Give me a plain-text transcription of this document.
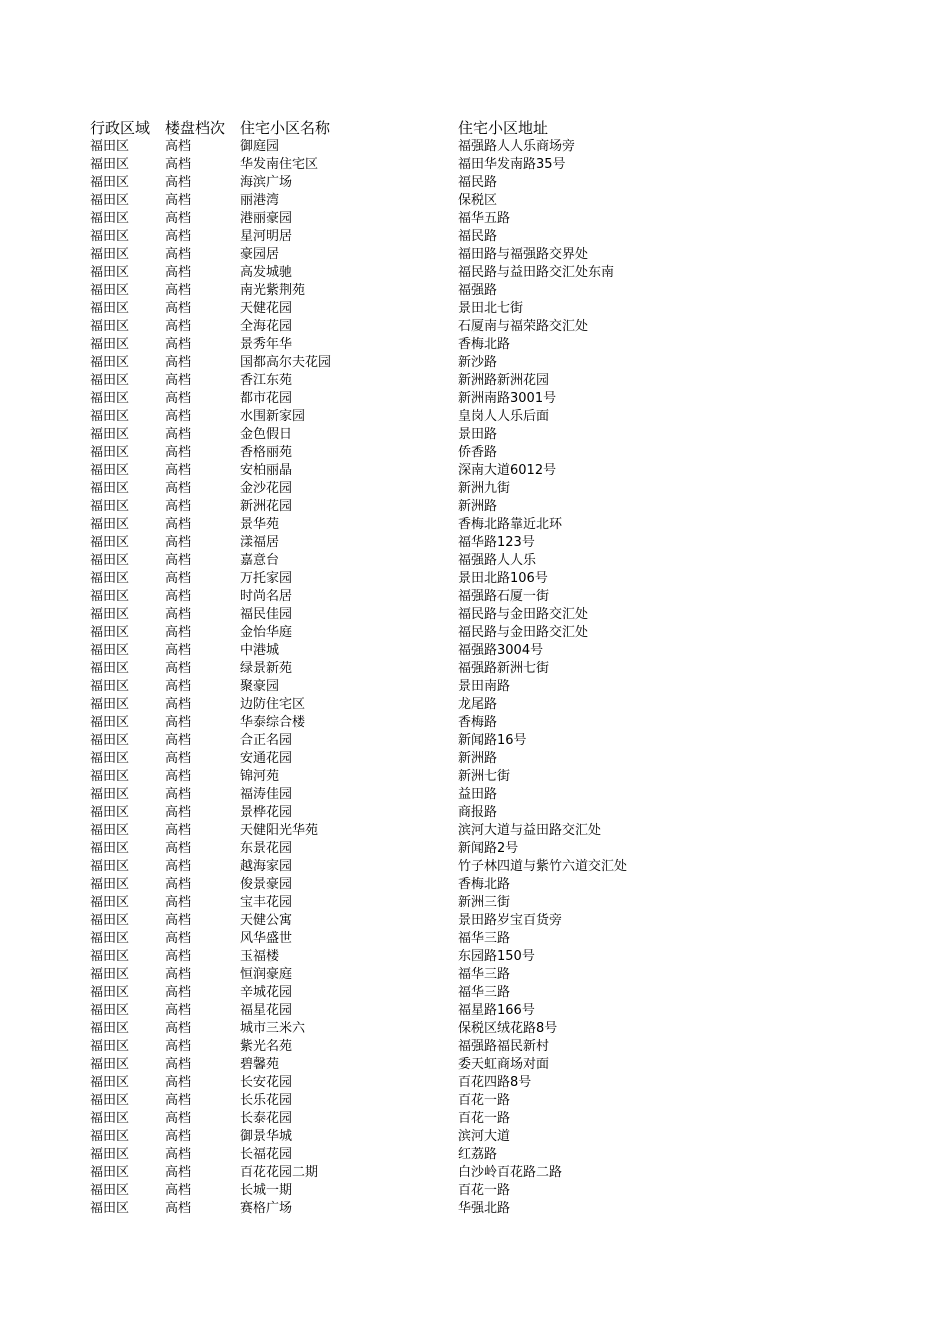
行政区域	楼盘档次	住宅小区名称	住宅小区地址
福田区	高档	御庭园	福强路人人乐商场旁
福田区	高档	华发南住宅区	福田华发南路35号
福田区	高档	海滨广场	福民路
福田区	高档	丽港湾	保税区
福田区	高档	港丽豪园	福华五路
福田区	高档	星河明居	福民路
福田区	高档	豪园居	福田路与福强路交界处
福田区	高档	高发城驰	福民路与益田路交汇处东南
福田区	高档	南光紫荆苑	福强路
福田区	高档	天健花园	景田北七街
福田区	高档	全海花园	石厦南与福荣路交汇处
福田区	高档	景秀年华	香梅北路
福田区	高档	国都高尔夫花园	新沙路
福田区	高档	香江东苑	新洲路新洲花园
福田区	高档	都市花园	新洲南路3001号
福田区	高档	水围新家园	皇岗人人乐后面
福田区	高档	金色假日	景田路
福田区	高档	香格丽苑	侨香路
福田区	高档	安柏丽晶	深南大道6012号
福田区	高档	金沙花园	新洲九街
福田区	高档	新洲花园	新洲路
福田区	高档	景华苑	香梅北路靠近北环
福田区	高档	漾福居	福华路123号
福田区	高档	嘉意台	福强路人人乐
福田区	高档	万托家园	景田北路106号
福田区	高档	时尚名居	福强路石厦一街
福田区	高档	福民佳园	福民路与金田路交汇处
福田区	高档	金怡华庭	福民路与金田路交汇处
福田区	高档	中港城	福强路3004号
福田区	高档	绿景新苑	福强路新洲七街
福田区	高档	聚豪园	景田南路
福田区	高档	边防住宅区	龙尾路
福田区	高档	华泰综合楼	香梅路
福田区	高档	合正名园	新闻路16号
福田区	高档	安通花园	新洲路
福田区	高档	锦河苑	新洲七街
福田区	高档	福涛佳园	益田路
福田区	高档	景桦花园	商报路
福田区	高档	天健阳光华苑	滨河大道与益田路交汇处
福田区	高档	东景花园	新闻路2号
福田区	高档	越海家园	竹子林四道与紫竹六道交汇处
福田区	高档	俊景豪园	香梅北路
福田区	高档	宝丰花园	新洲三街
福田区	高档	天健公寓	景田路岁宝百货旁
福田区	高档	风华盛世	福华三路
福田区	高档	玉福楼	东园路150号
福田区	高档	恒润豪庭	福华三路
福田区	高档	辛城花园	福华三路
福田区	高档	福星花园	福星路166号
福田区	高档	城市三米六	保税区绒花路8号
福田区	高档	紫光名苑	福强路福民新村
福田区	高档	碧馨苑	委天虹商场对面
福田区	高档	长安花园	百花四路8号
福田区	高档	长乐花园	百花一路
福田区	高档	长泰花园	百花一路
福田区	高档	御景华城	滨河大道
福田区	高档	长福花园	红荔路
福田区	高档	百花花园二期	白沙岭百花路二路
福田区	高档	长城一期	百花一路
福田区	高档	赛格广场	华强北路
